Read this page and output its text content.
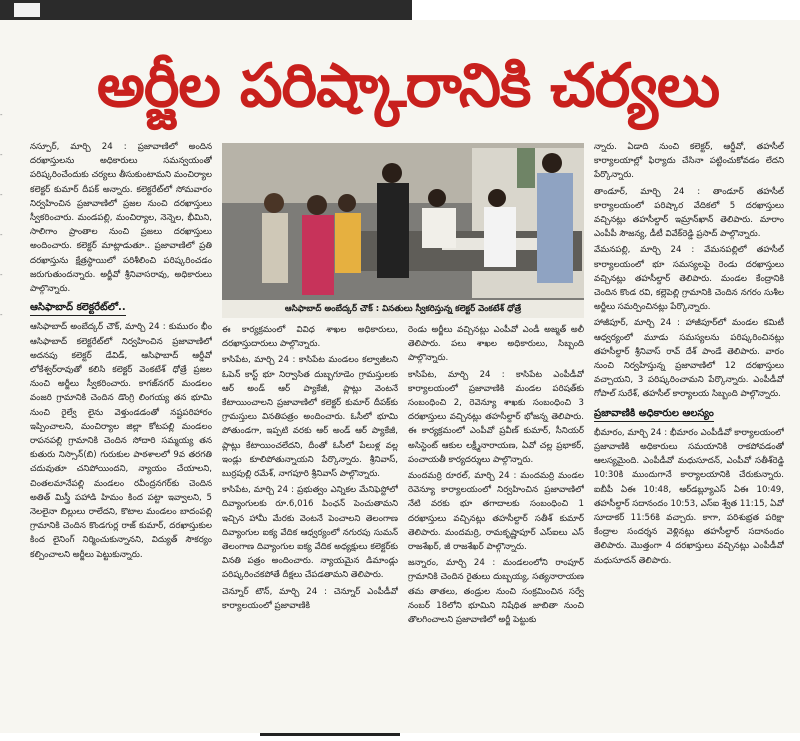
-
-
-
-
-
-
అర్జీల పరిష్కారానికి చర్యలు

నస్పూర్, మార్చి 24 : ప్రజావాణిలో అందిన దరఖాస్తులను అధికారులు సమన్వయంతో పరిష్కరించేందుకు చర్యలు తీసుకుంటామని మంచిర్యాల కలెక్టర్ కుమార్ దీపక్ అన్నారు. కలెక్టరేట్‌లో సోమవారం నిర్వహించిన ప్రజావాణిలో ప్రజల నుంచి దరఖాస్తులు స్వీకరించారు. మండపల్లి, మంచిర్యాల, నెన్నెల, భీమిని, సాలిగాం ప్రాంతాల నుంచి ప్రజలు దరఖాస్తులు అందించారు. కలెక్టర్ మాట్లాడుతూ.. ప్రజావాణిలో ప్రతి దరఖాస్తును క్షేత్రస్థాయిలో పరిశీలించి పరిష్కరించడం జరుగుతుందన్నారు. అర్జీవో శ్రీనివాసరావు, అధికారులు పాల్గొన్నారు.

ఆసిఫాబాద్ కలెక్టరేట్‌లో..

ఆసిఫాబాద్ అంబేద్కర్ చౌక్, మార్చి 24 : కుమురం భీం ఆసిఫాబాద్ కలెక్టరేట్‌లో నిర్వహించిన ప్రజావాణిలో అదనపు కలెక్టర్ డేవిడ్, ఆసిఫాబాద్ ఆర్డీవో లోకేశ్వర్‌రావుతో కలిసి కలెక్టర్ వెంకటేశ్ ధోత్రే ప్రజల నుంచి అర్జీలు స్వీకరించారు. కాగజ్‌నగర్ మండలం వంజరి గ్రామానికి చెందిన డొంగ్రి లింగయ్య తన భూమి నుంచి రైల్వే లైను వెళ్తుండడంతో నష్టపరిహారం ఇప్పించాలని, మంచిర్యాల జిల్లా కోటపల్లి మండలం రాపనపల్లి గ్రామానికి చెందిన సోదారి సమ్మయ్య తన కుతురు నిస్సాన్(బి) గురుకుల పాఠశాలలో 9వ తరగతి చదువుతూ చనిపోయిందని, న్యాయం చేయాలని, చింతలమానేపల్లి మండలం రవీంద్రనగర్‌కు చెందిన అతిత్ మిస్త్రీ పహాడి హిమం కింద పట్టా ఇవ్వాలని, 5 నెలలైనా బిల్లులు రాలేదని, కొటాల మండలం బాదంపల్లి గ్రామానికి చెందిన కొండగుర్ల రాజ్ కుమార్, దరఖాస్తుకుల కింద లైనింగ్ నిర్మించుకున్నానని, విద్యుత్ సౌకర్యం కల్పించాలని అర్జీలు పెట్టుకున్నారు.

ఆసిఫాబాద్ అంబేద్కర్ చౌక్ : వినతులు స్వీకరిస్తున్న కలెక్టర్ వెంకటేశ్ ధోత్రే

ఈ కార్యక్రమంలో వివిధ శాఖల అధికారులు, దరఖాస్తుదారులు పాల్గొన్నారు.

కాసిపేట, మార్చి 24 : కాసిపేట మండలం కల్వాజీలని ఓపెన్ కాస్ట్ భూ నిర్వాసిత దుబ్బగూడెం గ్రామస్తులకు ఆర్ అండ్ ఆర్ ప్యాకేజీ, ప్లాట్లు వెంటనే కేటాయించాలని ప్రజావాణిలో కలెక్టర్ కుమార్ దీపక్‌కు గ్రామస్తులు వినతిపత్రం అందించారు. ఓసీలో భూమి పోతుండగా, ఇప్పటి వరకు ఆర్ అండ్ ఆర్ ప్యాకేజీ, ప్లాట్లు కేటాయించలేదని, దీంతో ఓసీలో పేలుళ్ల వల్ల ఇండ్లు కూలిపోతున్నాయని పేర్కొన్నారు. శ్రీనివాస్, బుర్రపుల్లి రమేశ్, నాగపూరి శ్రీనివాస్ పాల్గొన్నారు.

కాసిపేట, మార్చి 24 : ప్రభుత్వం ఎన్నికల మేనిఫెస్టోలో దివ్యాంగులకు రూ.6,016 పింఛన్ పెంచుతామని ఇచ్చిన హామీ మేరకు వెంటనే పెంచాలని తెలంగాణ దివ్యాంగుల ఐక్య వేదిక ఆధ్వర్యంలో నగురపు సుమన్ తెలంగాణ దివ్యాంగుల ఐక్య వేదిక అధ్యక్షులు కలెక్టర్‌కు వినతి పత్రం అందించారు. న్యాయమైన డిమాండ్లు పరిష్కరించకపోతే దీక్షలు చేపడతామని తెలిపారు.

చెన్నూర్ టౌన్, మార్చి 24 : చెన్నూర్ ఎంపీడీవో కార్యాలయంలో ప్రజావాణికి

రెండు అర్జీలు వచ్చినట్లు ఎంపీవో ఎండీ అజ్మత్ అలీ తెలిపారు. పలు శాఖల అధికారులు, సిబ్బంది పాల్గొన్నారు.

కాసిపేట, మార్చి 24 : కాసిపేట ఎంపీడీవో కార్యాలయంలో ప్రజావాణికి మండల పరిషత్‌కు సంబంధించి 2, రెవెన్యూ శాఖకు సంబంధించి 3 దరఖాస్తులు వచ్చినట్లు తహసీల్దార్ భోజన్న తెలిపారు. ఈ కార్యక్రమంలో ఎంపీవో ప్రవీణ్ కుమార్, సీనియర్ అసిస్టెంట్ ఆకుల లక్ష్మీనారాయణ, ఏవో చల్ల ప్రభాకర్, పంచాయతీ కార్యదర్శులు పాల్గొన్నారు.

మందమర్రి రూరల్, మార్చి 24 : మందమర్రి మండల రెవెన్యూ కార్యాలయంలో నిర్వహించిన ప్రజావాణిలో నేటి వరకు భూ తగాదాలకు సంబంధించి 1 దరఖాస్తులు వచ్చినట్లు తహసీల్దార్ సతీశ్ కుమార్ తెలిపారు. మందమర్రి, రామకృష్ణాపూర్ ఎస్‌ఐలు ఎస్ రాజశేఖర్, జీ రాజశేఖర్ పాల్గొన్నారు.

జన్నారం, మార్చి 24 : మండలంలోని రాంపూర్ గ్రామానికి చెందిన రైతులు దుబ్బయ్య, సత్యనారాయణ తమ తాతలు, తండ్రుల నుంచి సంక్రమించిన సర్వే నంబర్ 18లోని భూమిని నిషేధిత జాబితా నుంచి తొలగించాలని ప్రజావాణిలో అర్జీ పెట్టుకు

న్నారు. ఏడాది నుంచి కలెక్టర్, ఆర్డీవో, తహసీల్ కార్యాలయాల్లో ఫిర్యాదు చేసినా పట్టించుకోవడం లేదని పేర్కొన్నారు.

తాండూర్, మార్చి 24 : తాండూర్ తహసీల్ కార్యాలయంలో పరిష్కార వేదికలో 5 దరఖాస్తులు వచ్చినట్లు తహసీల్దార్ ఇమ్రాన్‌ఖాన్ తెలిపారు. మారాం ఎంపీపీ సౌజన్య, డీటీ వివేక్‌రెడ్డి ప్రసాద్ పాల్గొన్నారు.

వేమనపల్లి, మార్చి 24 : వేమనపల్లిలో తహసీల్ కార్యాలయంలో భూ సమస్యలపై రెండు దరఖాస్తులు వచ్చినట్లు తహసీల్దార్ తెలిపారు. మండల కేంద్రానికి చెందిన కొండ రవి, కల్లెపెల్లి గ్రామానికి చెందిన నగరం సుశీల అర్జీలు సమర్పించినట్లు పేర్కొన్నారు.

హాజీపూర్, మార్చి 24 : హాజీపూర్‌లో మండల కమిటీ ఆధ్వర్యంలో మూడు సమస్యలను పరిష్కరించినట్లు తహసీల్దార్ శ్రీనివాస్ రావ్ దేశ్ పాండే తెలిపారు. వారం నుంచి నిర్వహిస్తున్న ప్రజావాణిలో 12 దరఖాస్తులు వచ్చాయని, 3 పరిష్కరించామని పేర్కొన్నారు. ఎంపీడీవో గోపాల్ సురేశ్, తహసీల్ కార్యాలయ సిబ్బంది పాల్గొన్నారు.

ప్రజావాణికి అధికారుల ఆలస్యం

భీమారం, మార్చి 24 : భీమారం ఎంపీడీవో కార్యాలయంలో ప్రజావాణికి అధికారులు సమయానికి రాకపోవడంతో ఆలస్యమైంది. ఎంపీడీవో మధుసూదన్, ఎంపీవో సతీశ్‌రెడ్డి 10:30కి ముందుగానే కార్యాలయానికి చేరుకున్నారు. ఐబీపీ ఏఈ 10:48, ఆర్‌డబ్ల్యూఎస్ ఏఈ 10:49, తహసీల్దార్ సదానందం 10:53, ఎస్‌ఐ శ్వేత 11:15, ఏవో సూదాకర్ 11:56కి వచ్చారు. కాగా, పరిశుభ్రత పరిక్షా కేంద్రాల సందర్శన వెళ్లినట్లు తహసీల్దార్ సదానందం తెలిపారు. మొత్తంగా 4 దరఖాస్తులు వచ్చినట్లు ఎంపీడీవో మధుసూదన్ తెలిపారు.
